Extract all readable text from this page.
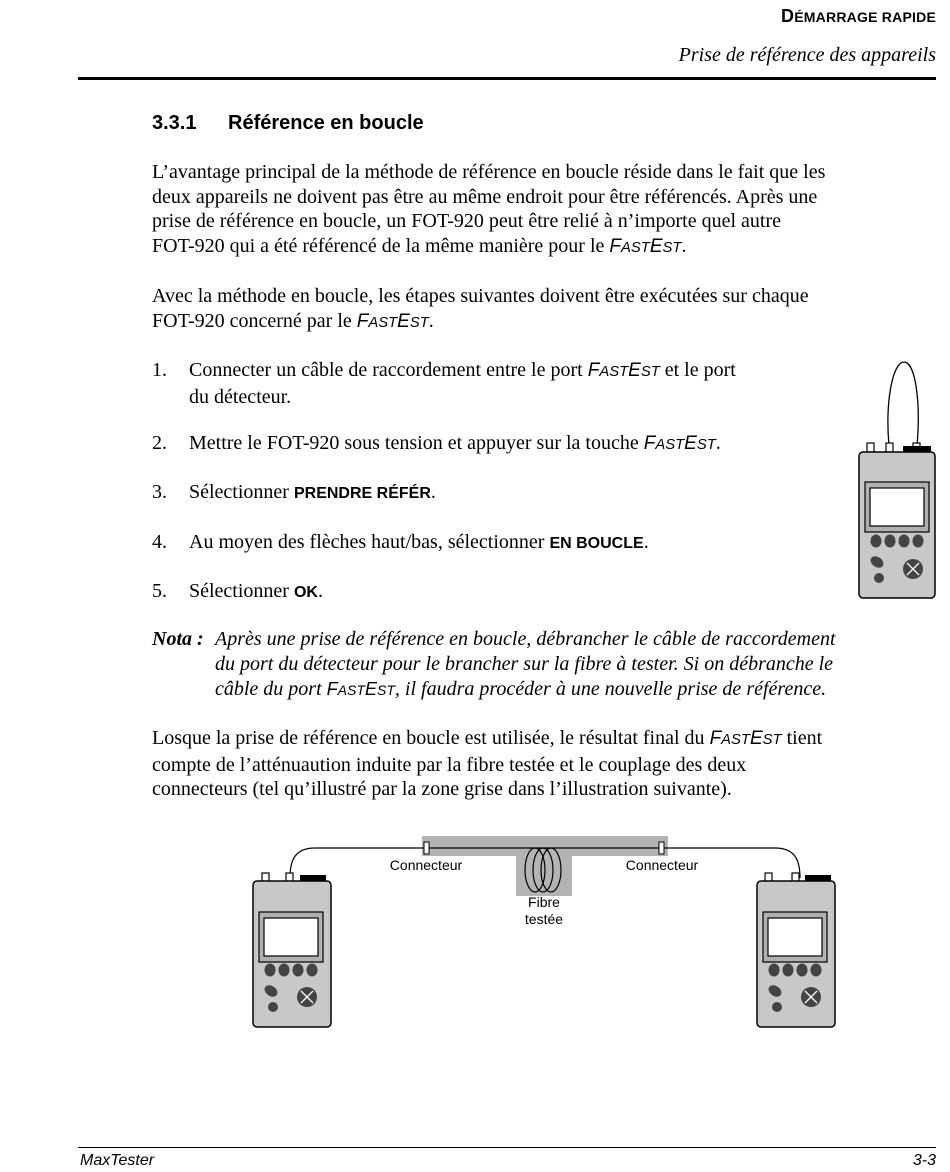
DÉMARRAGE RAPIDE
Prise de référence des appareils
3.3.1 Référence en boucle
L’avantage principal de la méthode de référence en boucle réside dans le fait que les
deux appareils ne doivent pas être au même endroit pour être référencés. Après une
prise de référence en boucle, un FOT-920 peut être relié à n’importe quel autre
FOT-920 qui a été référencé de la même manière pour le FASTEST.
Avec la méthode en boucle, les étapes suivantes doivent être exécutées sur chaque
FOT-920 concerné par le FASTEST.
1. Connecter un câble de raccordement entre le port FASTEST et le port
du détecteur.
2. Mettre le FOT-920 sous tension et appuyer sur la touche FASTEST.
3. Sélectionner PRENDRE RÉFÉR.
4. Au moyen des flèches haut/bas, sélectionner EN BOUCLE.
5. Sélectionner OK.
Nota : Après une prise de référence en boucle, débrancher le câble de raccordement
du port du détecteur pour le brancher sur la fibre à tester. Si on débranche le
câble du port FASTEST, il faudra procéder à une nouvelle prise de référence.
Losque la prise de référence en boucle est utilisée, le résultat final du FASTEST tient
compte de l’atténuaution induite par la fibre testée et le couplage des deux
connecteurs (tel qu’illustré par la zone grise dans l’illustration suivante).
Connecteur	Connecteur
Fibre
testée
MaxTester	3-3
